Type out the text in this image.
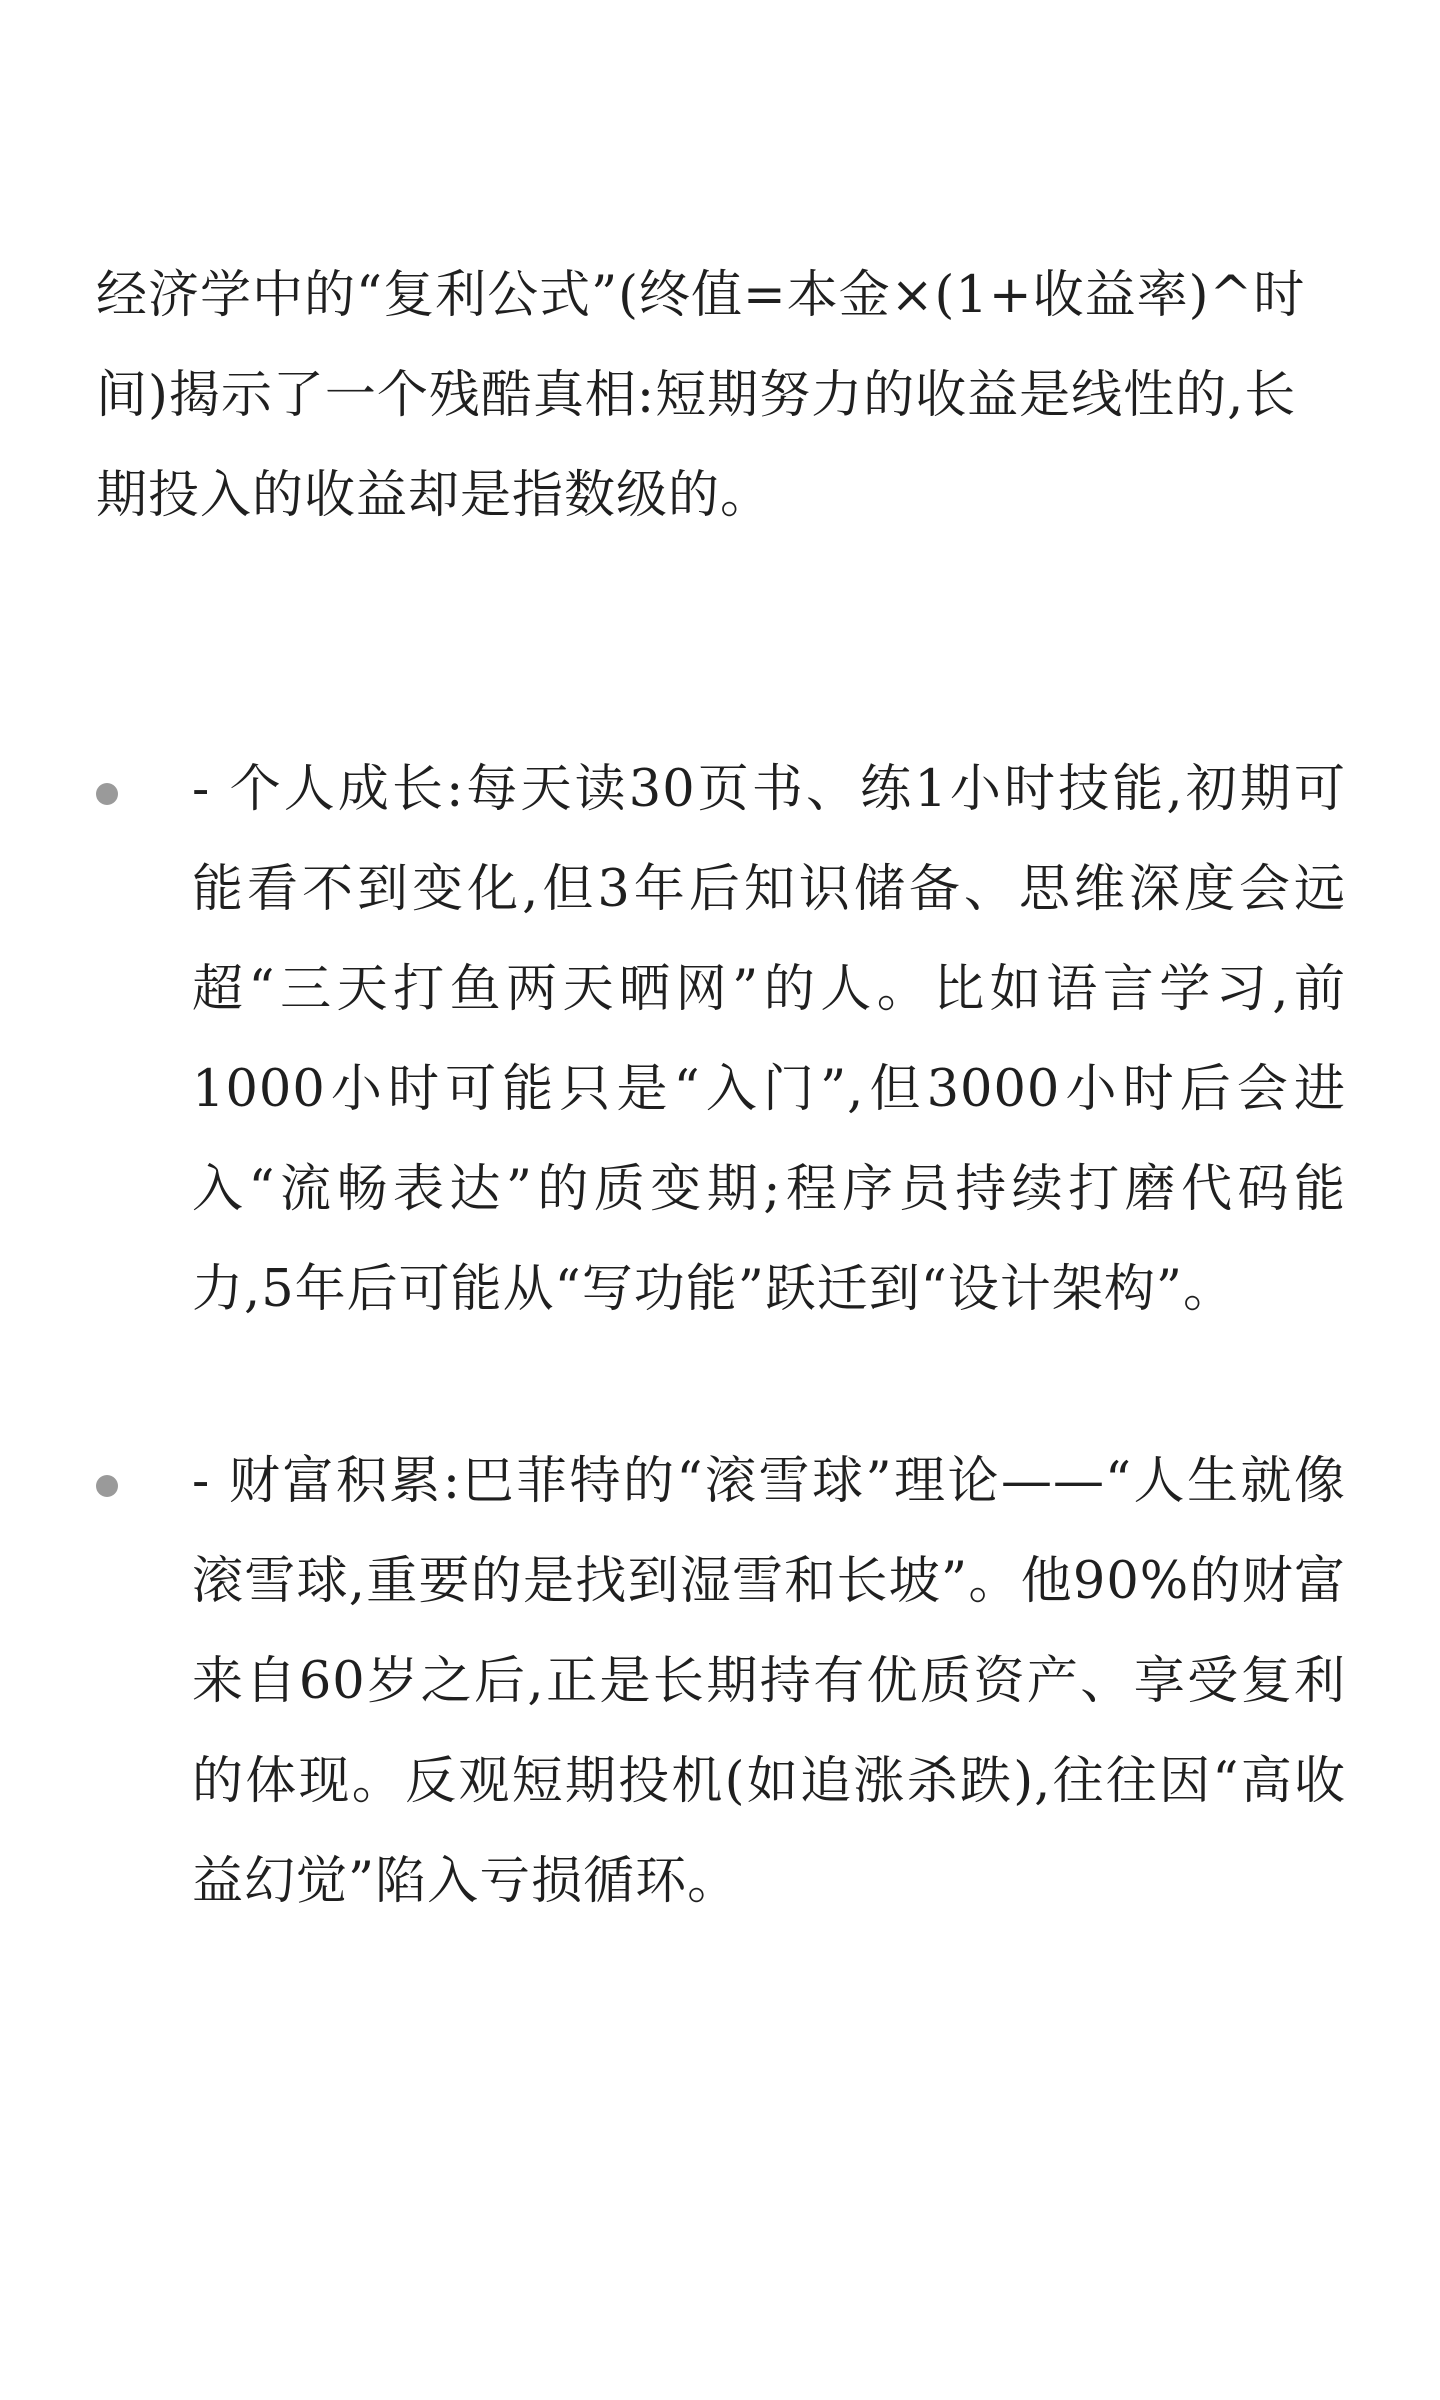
经济学中的“复利公式”(终值=本金×(1+收益率)^时间)揭示了一个残酷真相:短期努力的收益是线性的,长期投入的收益却是指数级的。

- 个人成长:每天读30页书、练1小时技能,初期可能看不到变化,但3年后知识储备、思维深度会远超“三天打鱼两天晒网”的人。比如语言学习,前1000小时可能只是“入门”,但3000小时后会进入“流畅表达”的质变期;程序员持续打磨代码能力,5年后可能从“写功能”跃迁到“设计架构”。
- 财富积累:巴菲特的“滚雪球”理论——“人生就像滚雪球,重要的是找到湿雪和长坡”。他90%的财富来自60岁之后,正是长期持有优质资产、享受复利的体现。反观短期投机(如追涨杀跌),往往因“高收益幻觉”陷入亏损循环。
